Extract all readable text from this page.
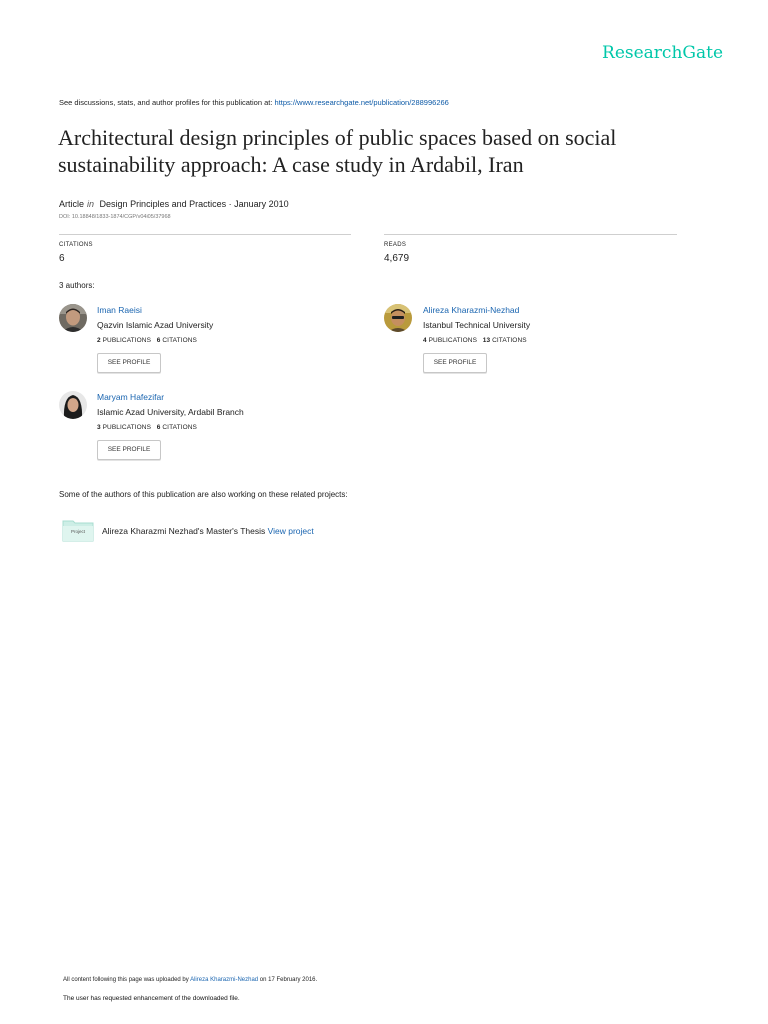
ResearchGate
See discussions, stats, and author profiles for this publication at: https://www.researchgate.net/publication/288996266
Architectural design principles of public spaces based on social sustainability approach: A case study in Ardabil, Iran
Article in Design Principles and Practices · January 2010
DOI: 10.18848/1833-1874/CGP/v04i05/37968
CITATIONS
6
READS
4,679
3 authors:
Iman Raeisi
Qazvin Islamic Azad University
2 PUBLICATIONS 6 CITATIONS
SEE PROFILE
Alireza Kharazmi-Nezhad
Istanbul Technical University
4 PUBLICATIONS 13 CITATIONS
SEE PROFILE
Maryam Hafezifar
Islamic Azad University, Ardabil Branch
3 PUBLICATIONS 6 CITATIONS
SEE PROFILE
Some of the authors of this publication are also working on these related projects:
Project	Alireza Kharazmi Nezhad's Master's Thesis View project
All content following this page was uploaded by Alireza Kharazmi-Nezhad on 17 February 2016.
The user has requested enhancement of the downloaded file.
